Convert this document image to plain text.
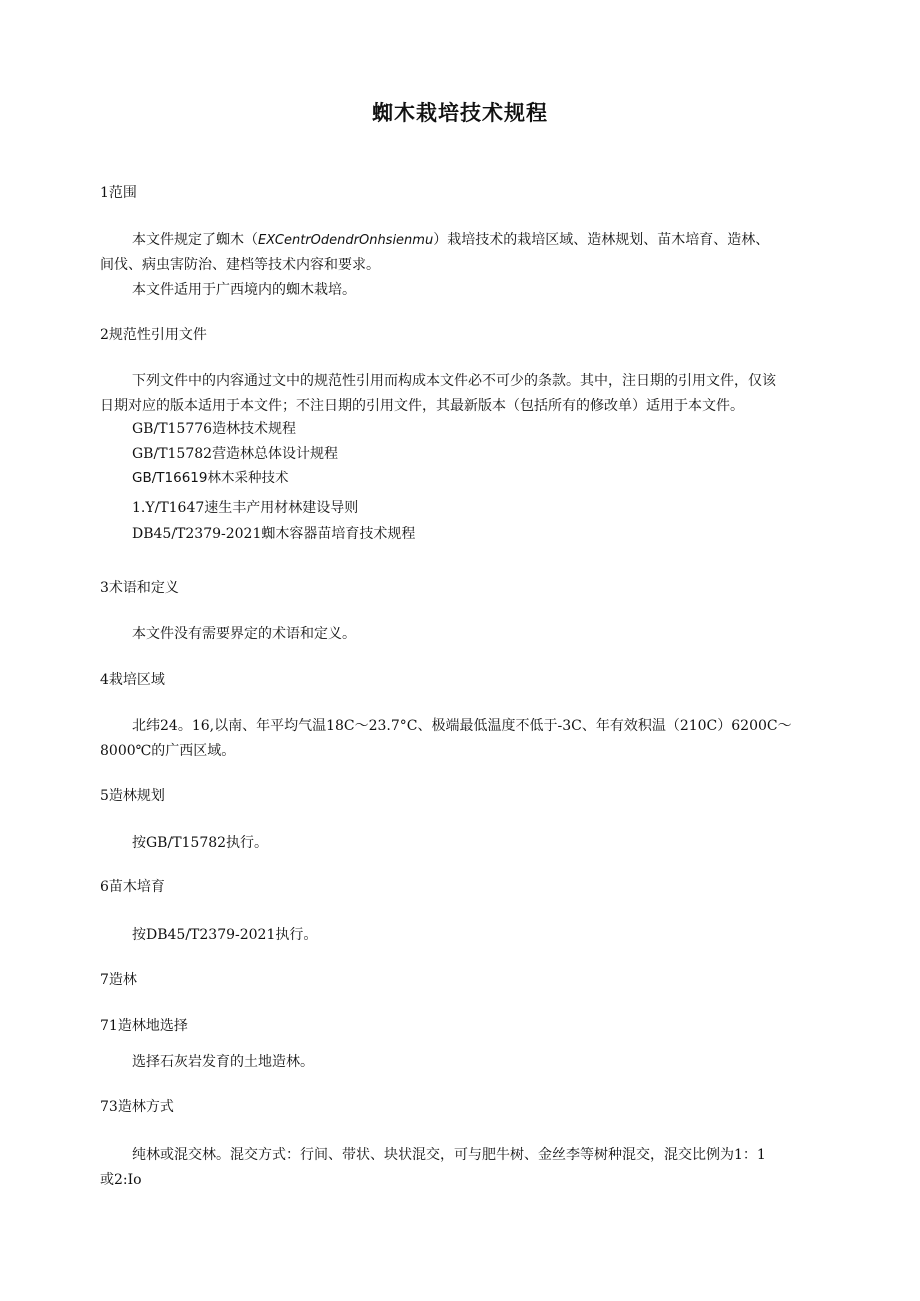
蜘木栽培技术规程

1范围

本文件规定了蜘木（EXCentrOdendrOnhsienmu）栽培技术的栽培区域、造林规划、苗木培育、造林、

间伐、病虫害防治、建档等技术内容和要求。

本文件适用于广西境内的蜘木栽培。

2规范性引用文件

下列文件中的内容通过文中的规范性引用而构成本文件必不可少的条款。其中，注日期的引用文件，仅该

日期对应的版本适用于本文件；不注日期的引用文件，其最新版本（包括所有的修改单）适用于本文件。

GB/T15776造林技术规程

GB/T15782营造林总体设计规程

GB/T16619林木采种技术

1.Y/T1647速生丰产用材林建设导则

DB45/T2379-2021蜘木容器苗培育技术规程

3术语和定义

本文件没有需要界定的术语和定义。

4栽培区域

北纬24。16,以南、年平均气温18C～23.7°C、极端最低温度不低于-3C、年有效积温（210C）6200C～

8000℃的广西区域。

5造林规划

按GB/T15782执行。

6苗木培育

按DB45/T2379-2021执行。

7造林

71造林地选择

选择石灰岩发育的土地造林。

73造林方式

纯林或混交林。混交方式：行间、带状、块状混交，可与肥牛树、金丝李等树种混交，混交比例为1：1

或2:Io
